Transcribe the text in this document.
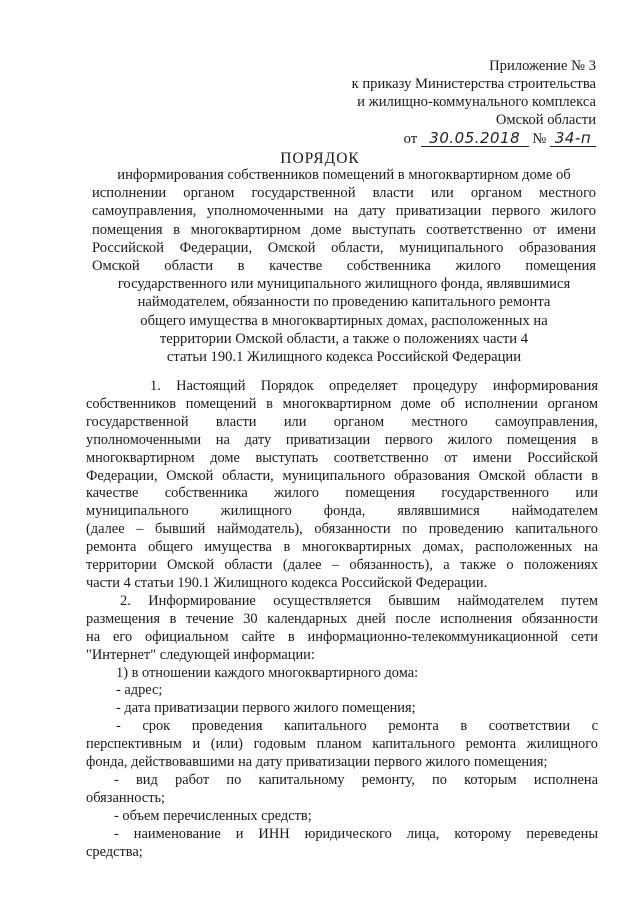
Приложение № 3
к приказу Министерства строительства
и жилищно-коммунального комплекса
Омской области
от 30.05.2018 № 34-п
ПОРЯДОК
информирования собственников помещений в многоквартирном доме об
исполнении органом государственной власти или органом местного
самоуправления, уполномоченными на дату приватизации первого жилого
помещения в многоквартирном доме выступать соответственно от имени
Российской Федерации, Омской области, муниципального образования
Омской области в качестве собственника жилого помещения
государственного или муниципального жилищного фонда, являвшимися
наймодателем, обязанности по проведению капитального ремонта
общего имущества в многоквартирных домах, расположенных на
территории Омской области, а также о положениях части 4
статьи 190.1 Жилищного кодекса Российской Федерации
1. Настоящий Порядок определяет процедуру информирования
собственников помещений в многоквартирном доме об исполнении органом
государственной власти или органом местного самоуправления,
уполномоченными на дату приватизации первого жилого помещения в
многоквартирном доме выступать соответственно от имени Российской
Федерации, Омской области, муниципального образования Омской области в
качестве собственника жилого помещения государственного или
муниципального жилищного фонда, являвшимися наймодателем
(далее – бывший наймодатель), обязанности по проведению капитального
ремонта общего имущества в многоквартирных домах, расположенных на
территории Омской области (далее – обязанность), а также о положениях
части 4 статьи 190.1 Жилищного кодекса Российской Федерации.
2. Информирование осуществляется бывшим наймодателем путем
размещения в течение 30 календарных дней после исполнения обязанности
на его официальном сайте в информационно-телекоммуникационной сети
"Интернет" следующей информации:
1) в отношении каждого многоквартирного дома:
- адрес;
- дата приватизации первого жилого помещения;
- срок проведения капитального ремонта в соответствии с
перспективным и (или) годовым планом капитального ремонта жилищного
фонда, действовавшими на дату приватизации первого жилого помещения;
- вид работ по капитальному ремонту, по которым исполнена
обязанность;
- объем перечисленных средств;
- наименование и ИНН юридического лица, которому переведены
средства;
